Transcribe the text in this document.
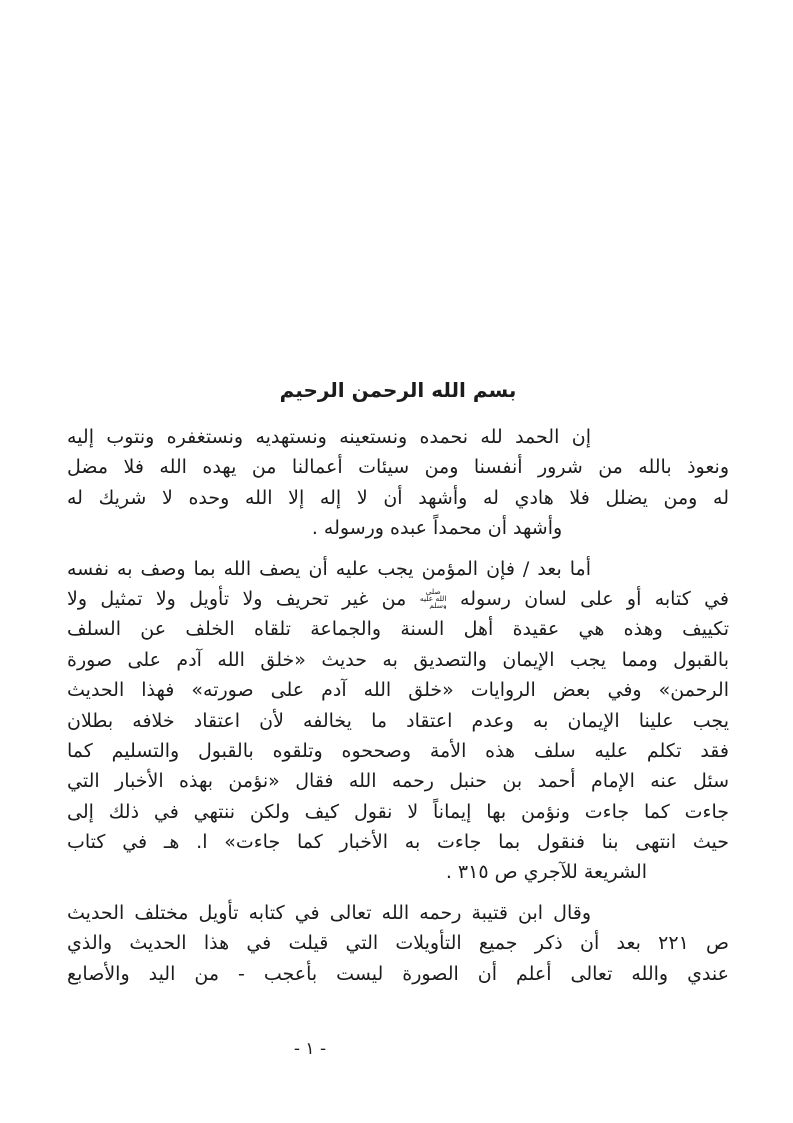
بسم الله الرحمن الرحيم
إن الحمد لله نحمده ونستعينه ونستهديه ونستغفره ونتوب إليه
ونعوذ بالله من شرور أنفسنا ومن سيئات أعمالنا من يهده الله فلا مضل
له ومن يضلل فلا هادي له وأشهد أن لا إله إلا الله وحده لا شريك له
وأشهد أن محمداً عبده ورسوله .
أما بعد / فإن المؤمن يجب عليه أن يصف الله بما وصف به نفسه
في كتابه أو على لسان رسوله صلى الله عليه وسلم من غير تحريف ولا تأويل ولا تمثيل ولا
تكييف وهذه هي عقيدة أهل السنة والجماعة تلقاه الخلف عن السلف
بالقبول ومما يجب الإيمان والتصديق به حديث «خلق الله آدم على صورة
الرحمن» وفي بعض الروايات «خلق الله آدم على صورته» فهذا الحديث
يجب علينا الإيمان به وعدم اعتقاد ما يخالفه لأن اعتقاد خلافه بطلان
فقد تكلم عليه سلف هذه الأمة وصححوه وتلقوه بالقبول والتسليم كما
سئل عنه الإمام أحمد بن حنبل رحمه الله فقال «نؤمن بهذه الأخبار التي
جاءت كما جاءت ونؤمن بها إيماناً لا نقول كيف ولكن ننتهي في ذلك إلى
حيث انتهى بنا فنقول بما جاءت به الأخبار كما جاءت» ا. هـ في كتاب
الشريعة للآجري ص ٣١٥ .
وقال ابن قتيبة رحمه الله تعالى في كتابه تأويل مختلف الحديث
ص ٢٢١ بعد أن ذكر جميع التأويلات التي قيلت في هذا الحديث والذي
عندي والله تعالى أعلم أن الصورة ليست بأعجب - من اليد والأصابع
- ١ -
